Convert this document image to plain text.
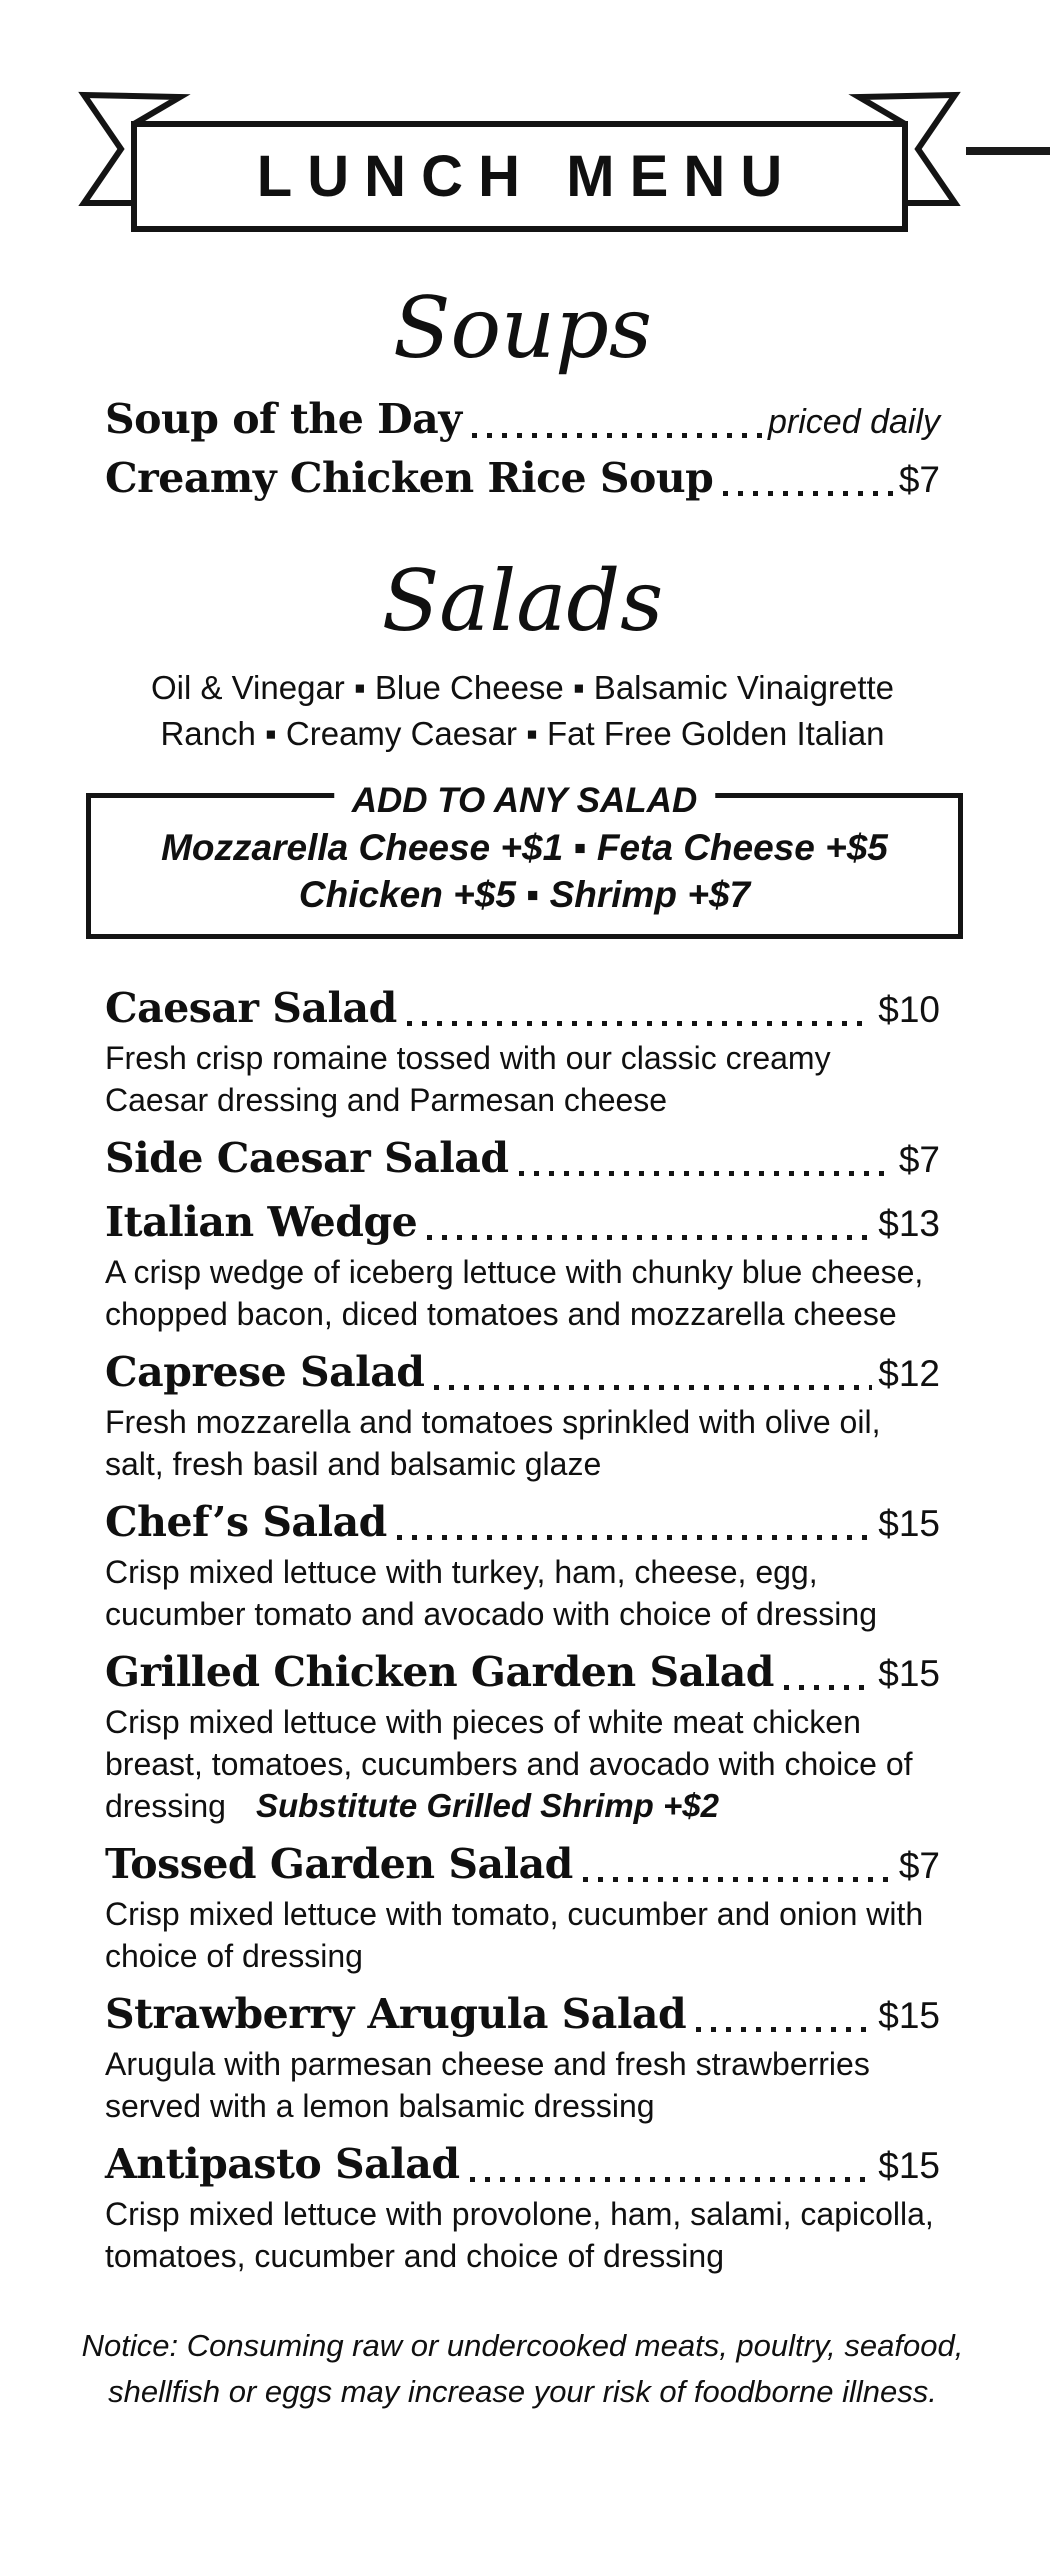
LUNCH MENU
Soups
Soup of the Day	priced daily
Creamy Chicken Rice Soup	$7
Salads

Oil & Vinegar ▪ Blue Cheese ▪ Balsamic Vinaigrette

Ranch ▪ Creamy Caesar ▪ Fat Free Golden Italian

ADD TO ANY SALAD

Mozzarella Cheese +$1 ▪ Feta Cheese +$5

Chicken +$5 ▪ Shrimp +$7

Caesar Salad	$10

Fresh crisp romaine tossed with our classic creamy Caesar dressing and Parmesan cheese

Side Caesar Salad	$7
Italian Wedge	$13

A crisp wedge of iceberg lettuce with chunky blue cheese, chopped bacon, diced tomatoes and mozzarella cheese

Caprese Salad	$12

Fresh mozzarella and tomatoes sprinkled with olive oil, salt, fresh basil and balsamic glaze

Chef’s Salad	$15

Crisp mixed lettuce with turkey, ham, cheese, egg, cucumber tomato and avocado with choice of dressing

Grilled Chicken Garden Salad	$15

Crisp mixed lettuce with pieces of white meat chicken breast, tomatoes, cucumbers and avocado with choice of dressing Substitute Grilled Shrimp +$2

Tossed Garden Salad	$7

Crisp mixed lettuce with tomato, cucumber and onion with choice of dressing

Strawberry Arugula Salad	$15

Arugula with parmesan cheese and fresh strawberries served with a lemon balsamic dressing

Antipasto Salad	$15

Crisp mixed lettuce with provolone, ham, salami, capicolla, tomatoes, cucumber and choice of dressing

Notice: Consuming raw or undercooked meats, poultry, seafood, shellfish or eggs may increase your risk of foodborne illness.
